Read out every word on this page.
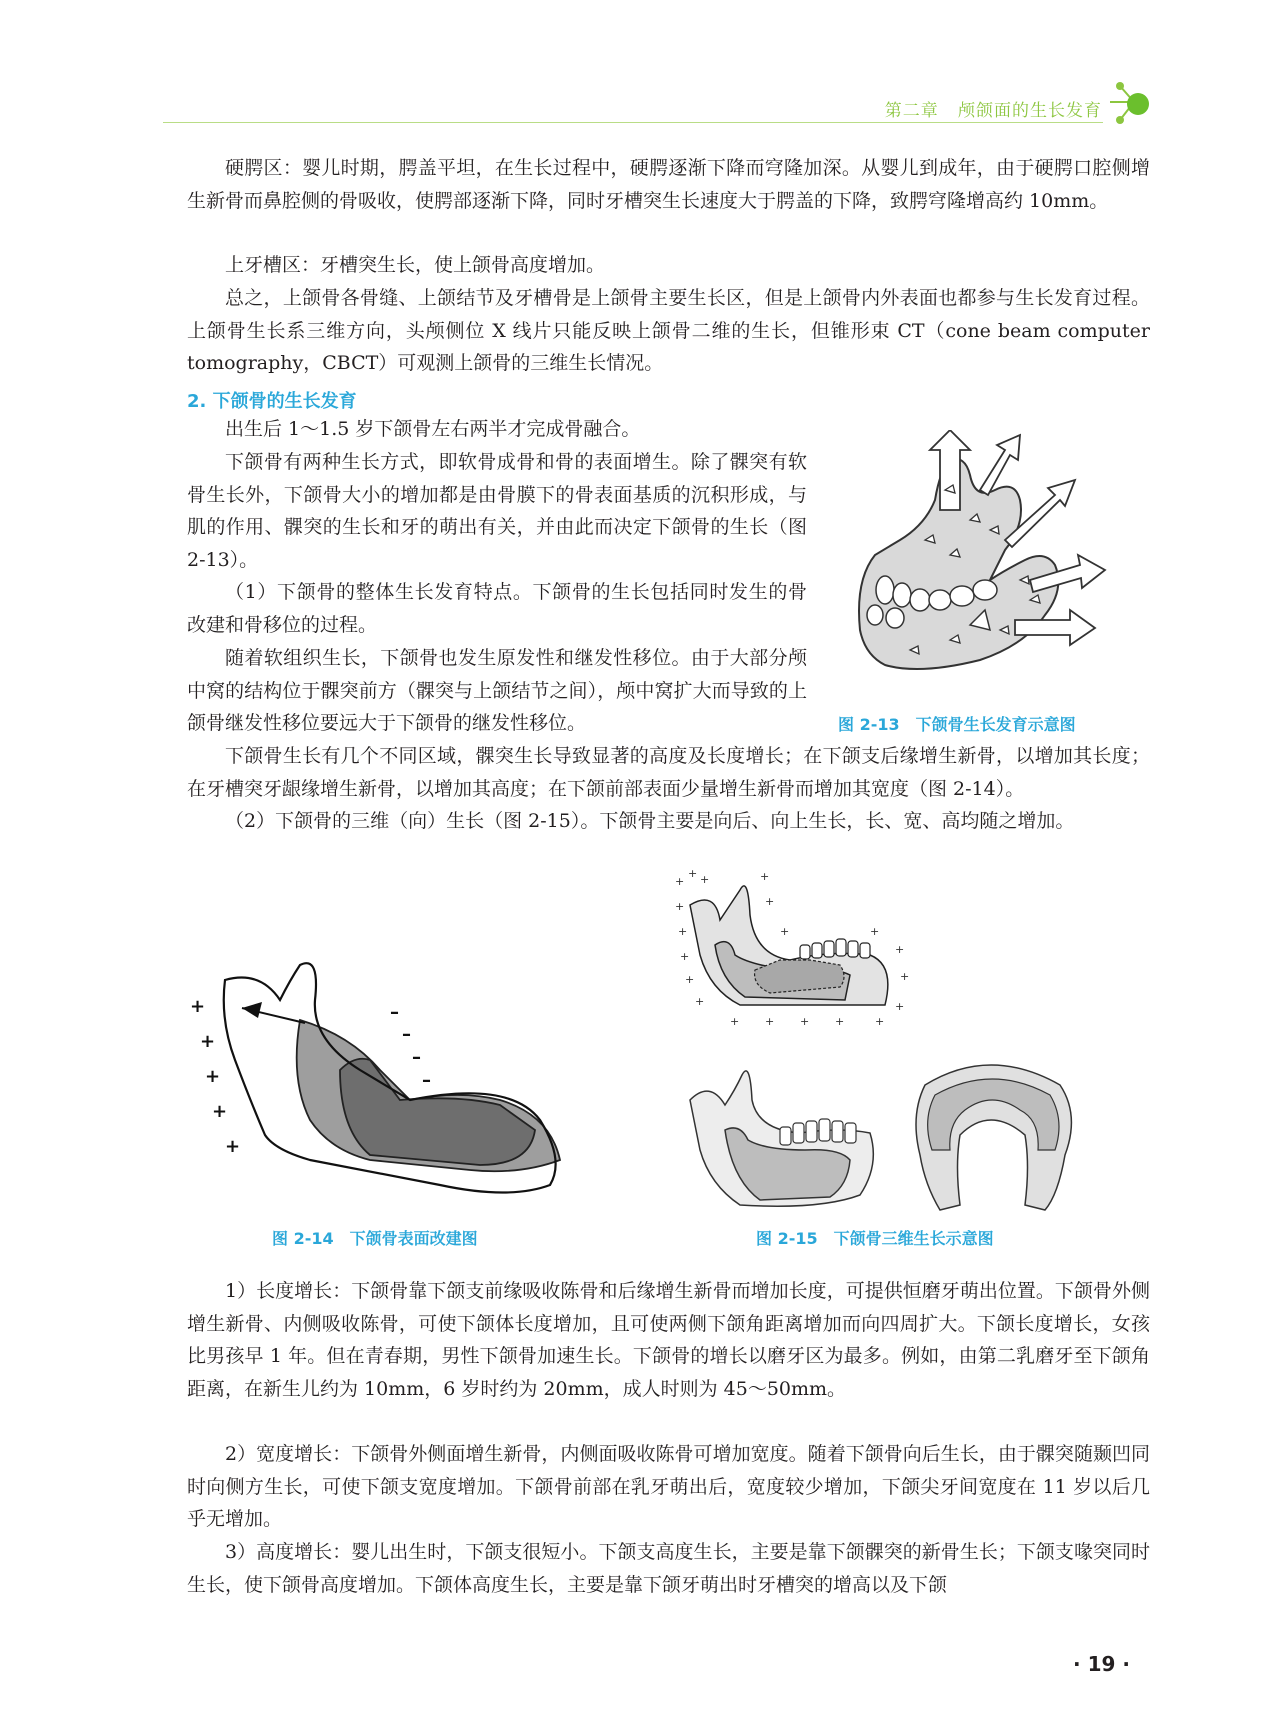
第二章 颅颌面的生长发育

硬腭区：婴儿时期，腭盖平坦，在生长过程中，硬腭逐渐下降而穹隆加深。从婴儿到成年，由于硬腭口腔侧增生新骨而鼻腔侧的骨吸收，使腭部逐渐下降，同时牙槽突生长速度大于腭盖的下降，致腭穹隆增高约 10mm。

上牙槽区：牙槽突生长，使上颌骨高度增加。

总之，上颌骨各骨缝、上颌结节及牙槽骨是上颌骨主要生长区，但是上颌骨内外表面也都参与生长发育过程。上颌骨生长系三维方向，头颅侧位 X 线片只能反映上颌骨二维的生长，但锥形束 CT（cone beam computer tomography，CBCT）可观测上颌骨的三维生长情况。

2. 下颌骨的生长发育

出生后 1～1.5 岁下颌骨左右两半才完成骨融合。

下颌骨有两种生长方式，即软骨成骨和骨的表面增生。除了髁突有软骨生长外，下颌骨大小的增加都是由骨膜下的骨表面基质的沉积形成，与肌的作用、髁突的生长和牙的萌出有关，并由此而决定下颌骨的生长（图 2-13）。

（1）下颌骨的整体生长发育特点。下颌骨的生长包括同时发生的骨改建和骨移位的过程。

随着软组织生长，下颌骨也发生原发性和继发性移位。由于大部分颅中窝的结构位于髁突前方（髁突与上颌结节之间），颅中窝扩大而导致的上颌骨继发性移位要远大于下颌骨的继发性移位。

下颌骨生长有几个不同区域，髁突生长导致显著的高度及长度增长；在下颌支后缘增生新骨，以增加其长度；在牙槽突牙龈缘增生新骨，以增加其高度；在下颌前部表面少量增生新骨而增加其宽度（图 2-14）。

（2）下颌骨的三维（向）生长（图 2-15）。下颌骨主要是向后、向上生长，长、宽、高均随之增加。

图 2-13　下颌骨生长发育示意图

+
+
+
+
+
–
–
–
–

图 2-14　下颌骨表面改建图

+
+ +
+
+
+
+
+
+ + + +	+
+
+
+
+
+
+
+

图 2-15　下颌骨三维生长示意图

1）长度增长：下颌骨靠下颌支前缘吸收陈骨和后缘增生新骨而增加长度，可提供恒磨牙萌出位置。下颌骨外侧增生新骨、内侧吸收陈骨，可使下颌体长度增加，且可使两侧下颌角距离增加而向四周扩大。下颌长度增长，女孩比男孩早 1 年。但在青春期，男性下颌骨加速生长。下颌骨的增长以磨牙区为最多。例如，由第二乳磨牙至下颌角距离，在新生儿约为 10mm，6 岁时约为 20mm，成人时则为 45～50mm。

2）宽度增长：下颌骨外侧面增生新骨，内侧面吸收陈骨可增加宽度。随着下颌骨向后生长，由于髁突随颞凹同时向侧方生长，可使下颌支宽度增加。下颌骨前部在乳牙萌出后，宽度较少增加，下颌尖牙间宽度在 11 岁以后几乎无增加。

3）高度增长：婴儿出生时，下颌支很短小。下颌支高度生长，主要是靠下颌髁突的新骨生长；下颌支喙突同时生长，使下颌骨高度增加。下颌体高度生长，主要是靠下颌牙萌出时牙槽突的增高以及下颌

· 19 ·
